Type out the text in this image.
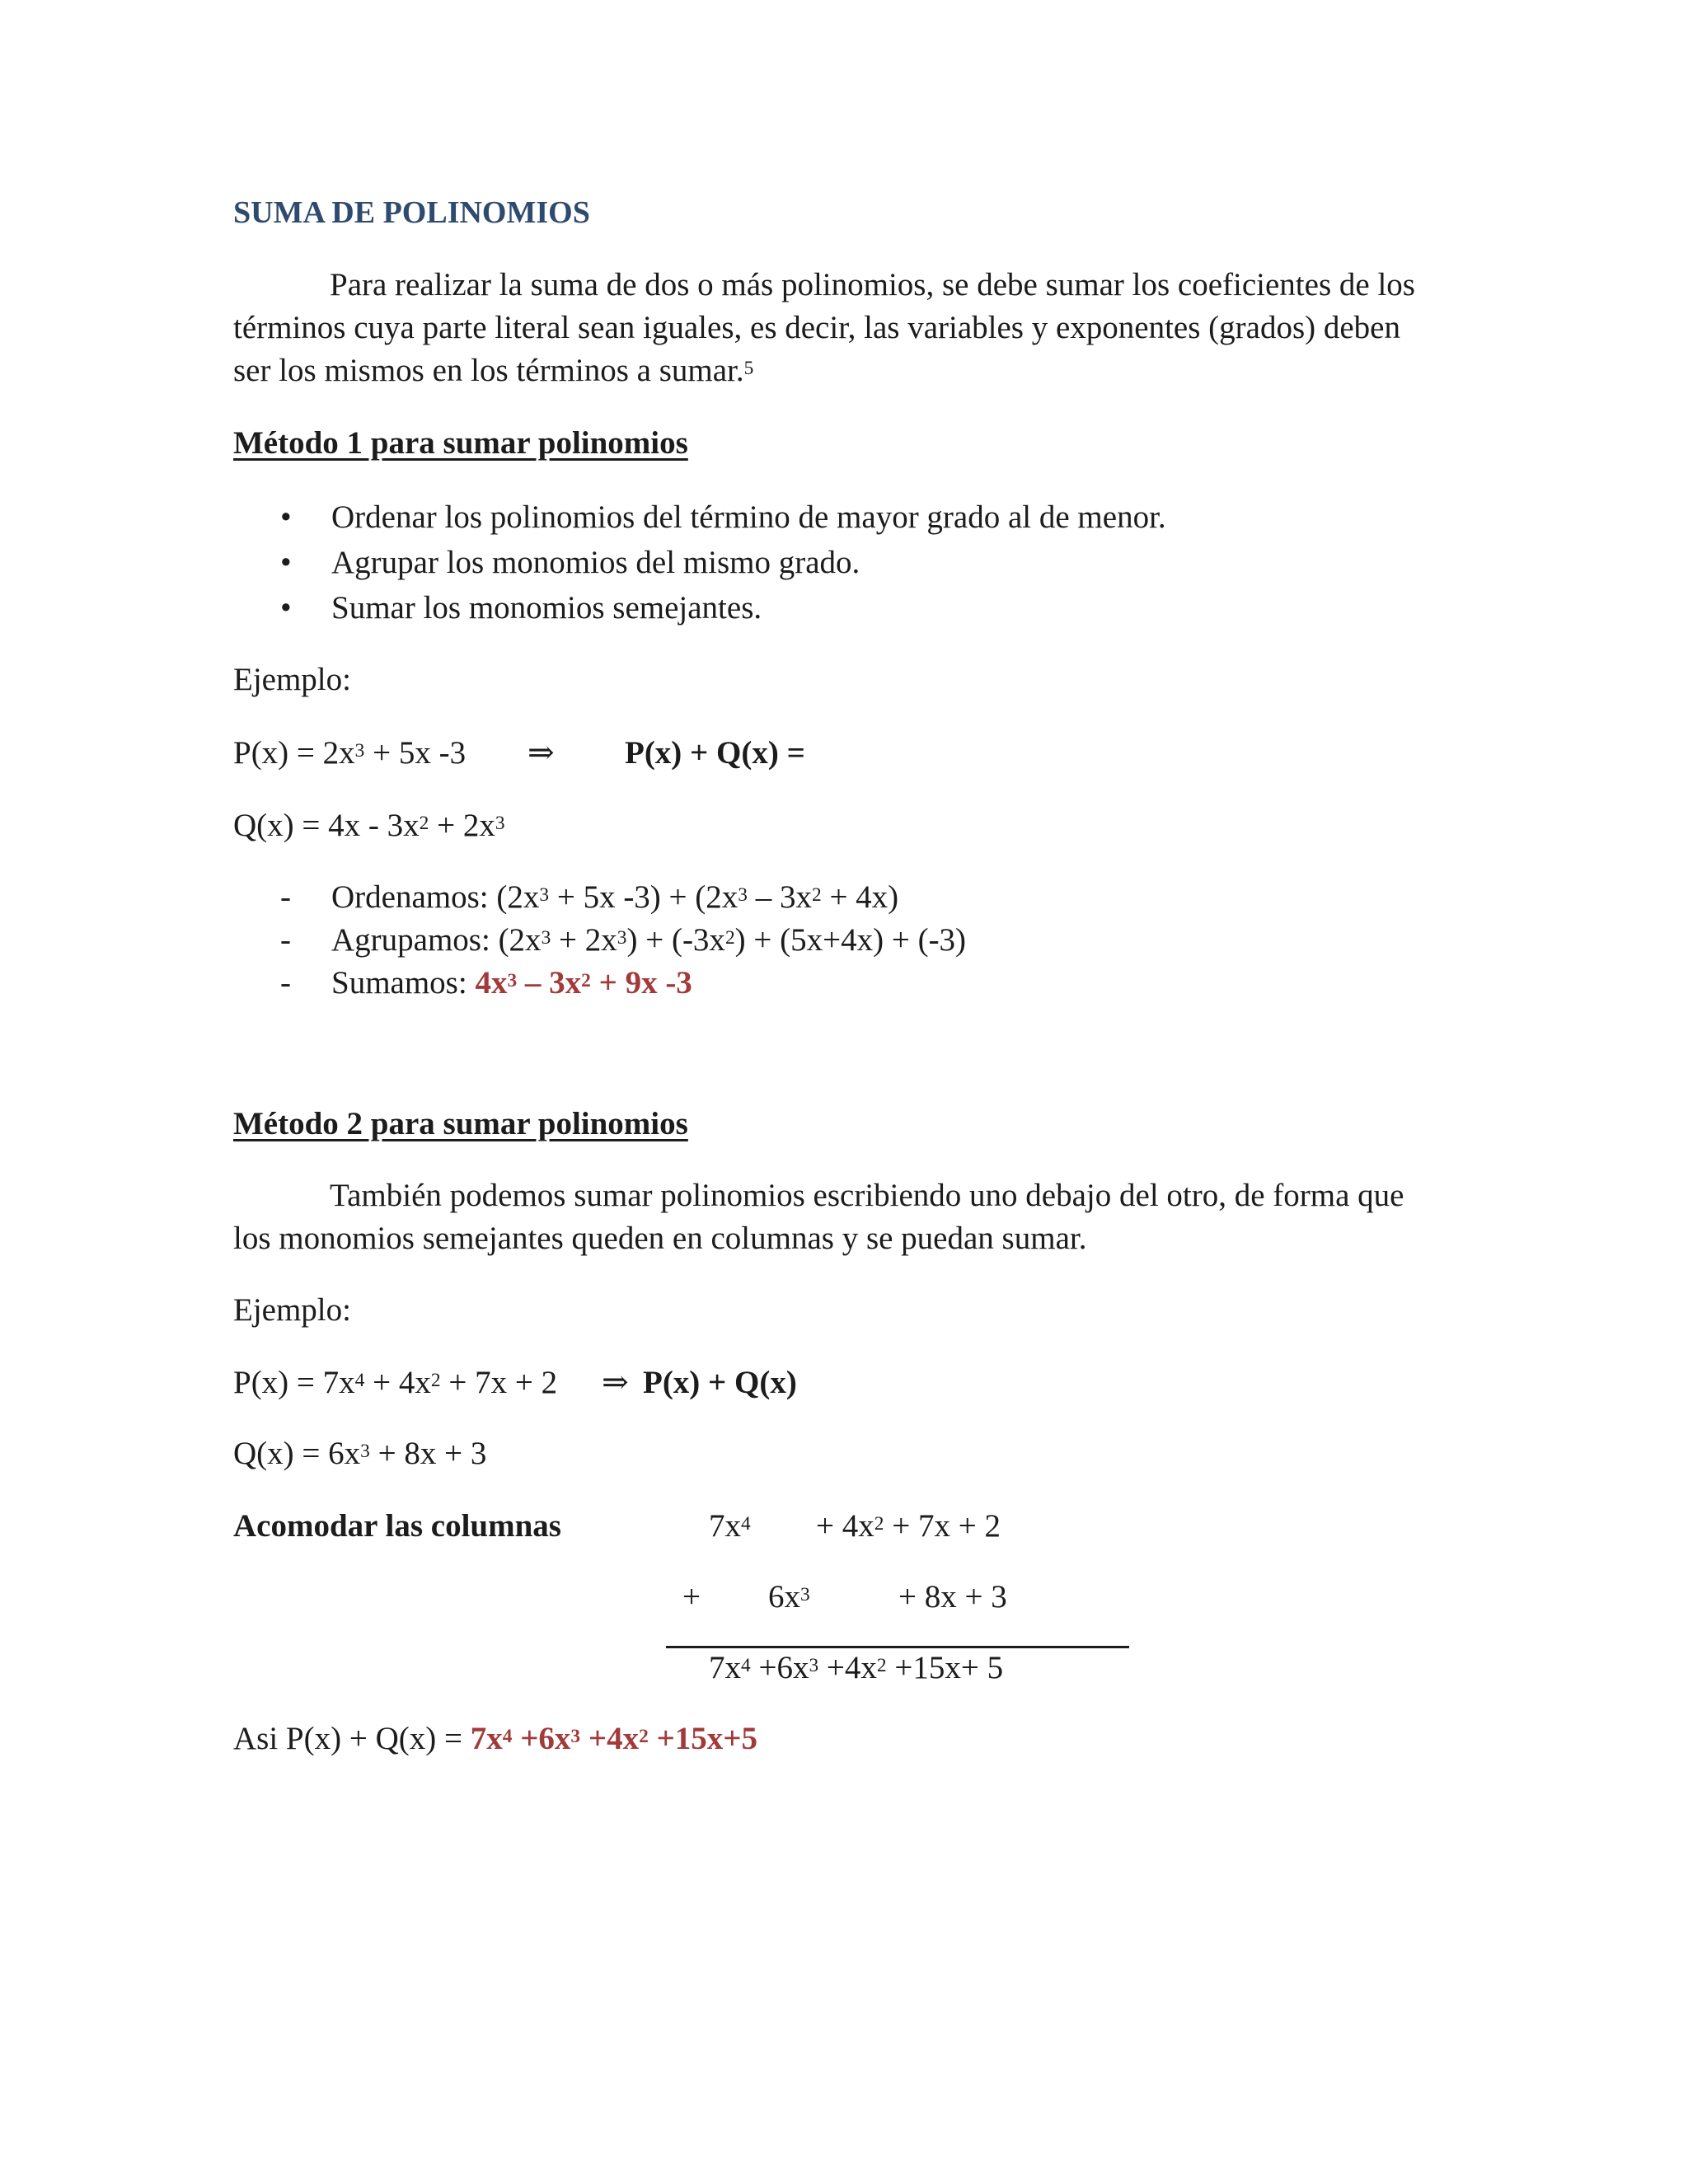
SUMA DE POLINOMIOS
Para realizar la suma de dos o más polinomios, se debe sumar los coeficientes de los
términos cuya parte literal sean iguales, es decir, las variables y exponentes (grados) deben
ser los mismos en los términos a sumar.$^5$
Método 1 para sumar polinomios
• Ordenar los polinomios del término de mayor grado al de menor.
• Agrupar los monomios del mismo grado.
• Sumar los monomios semejantes.
Ejemplo:
$P(x) = 2x^3 + 5x$ -3 ⇒ P(x) + Q(x) =
$Q(x) = 4x - 3x^2 + 2x^3$
- Ordenamos: ($2x^3 + 5x$ $-3) + (2x^3 - 3x^2 + 4x)$
- Agrupamos: $(2x^3 + 2x^3) + (-3x^2) + (5x+4x) + (-3)$
- Sumamos: $4x^3 - 3x^2 + 9x$ -3
Método 2 para sumar polinomios
También podemos sumar polinomios escribiendo uno debajo del otro, de forma que
los monomios semejantes queden en columnas y se puedan sumar.
Ejemplo:
$P(x) = 7x^4 + 4x^2 + 7x + 2$ ⇒ P(x) + Q(x)
$Q(x) = 6x^3 + 8x + 3$
Acomodar las columnas	$7x^4 + 4x^2 + 7x + 2$
+ $6x^3$	+ 8x + 3
$7x^4 +6x^3 +4x^2 +15x+ 5$
Asi $P(x) + Q(x) = 7x^4 +6x^3 +4x^2 +15x+5$
